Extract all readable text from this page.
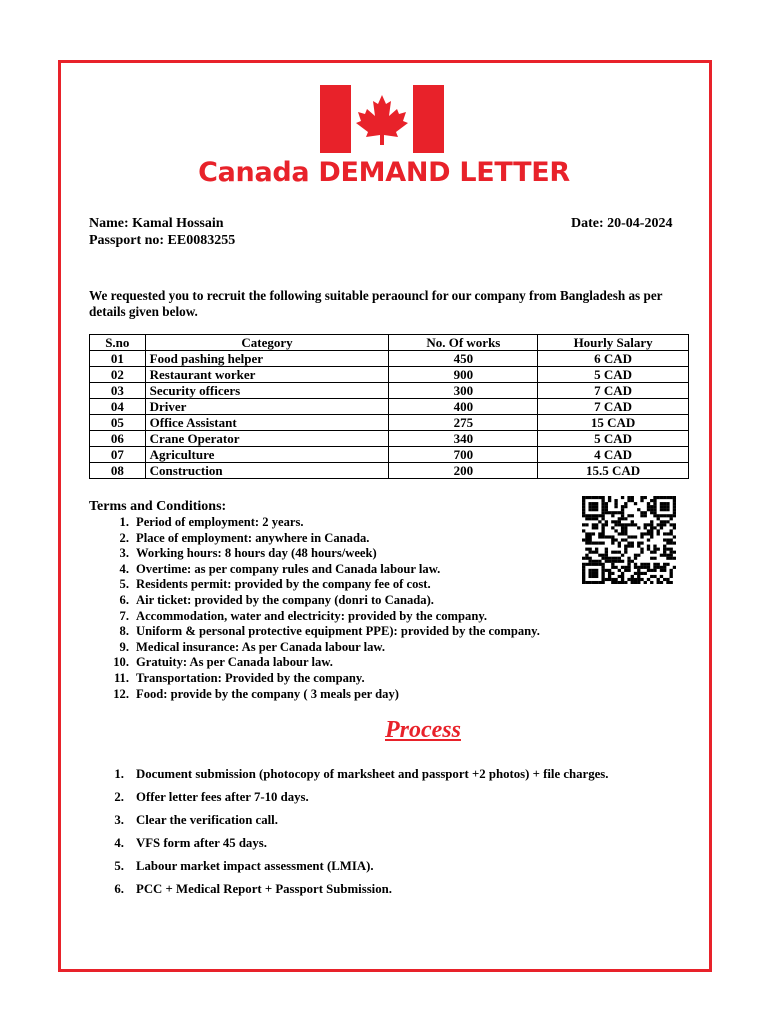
Canada DEMAND LETTER
Name: Kamal Hossain
Passport no: EE0083255
Date: 20-04-2024
We requested you to recruit the following suitable peraouncl for our company from Bangladesh as per details given below.
S.no	Category	No. Of works	Hourly Salary
01	Food pashing helper	450	6 CAD
02	Restaurant worker	900	5 CAD
03	Security officers	300	7 CAD
04	Driver	400	7 CAD
05	Office Assistant	275	15 CAD
06	Crane Operator	340	5 CAD
07	Agriculture	700	4 CAD
08	Construction	200	15.5 CAD
Terms and Conditions:
1. Period of employment: 2 years.
2. Place of employment: anywhere in Canada.
3. Working hours: 8 hours day (48 hours/week)
4. Overtime: as per company rules and Canada labour law.
5. Residents permit: provided by the company fee of cost.
6. Air ticket: provided by the company (donri to Canada).
7. Accommodation, water and electricity: provided by the company.
8. Uniform & personal protective equipment PPE): provided by the company.
9. Medical insurance: As per Canada labour law.
10. Gratuity: As per Canada labour law.
11. Transportation: Provided by the company.
12. Food: provide by the company ( 3 meals per day)
Process
1. Document submission (photocopy of marksheet and passport +2 photos) + file charges.
2. Offer letter fees after 7-10 days.
3. Clear the verification call.
4. VFS form after 45 days.
5. Labour market impact assessment (LMIA).
6. PCC + Medical Report + Passport Submission.
